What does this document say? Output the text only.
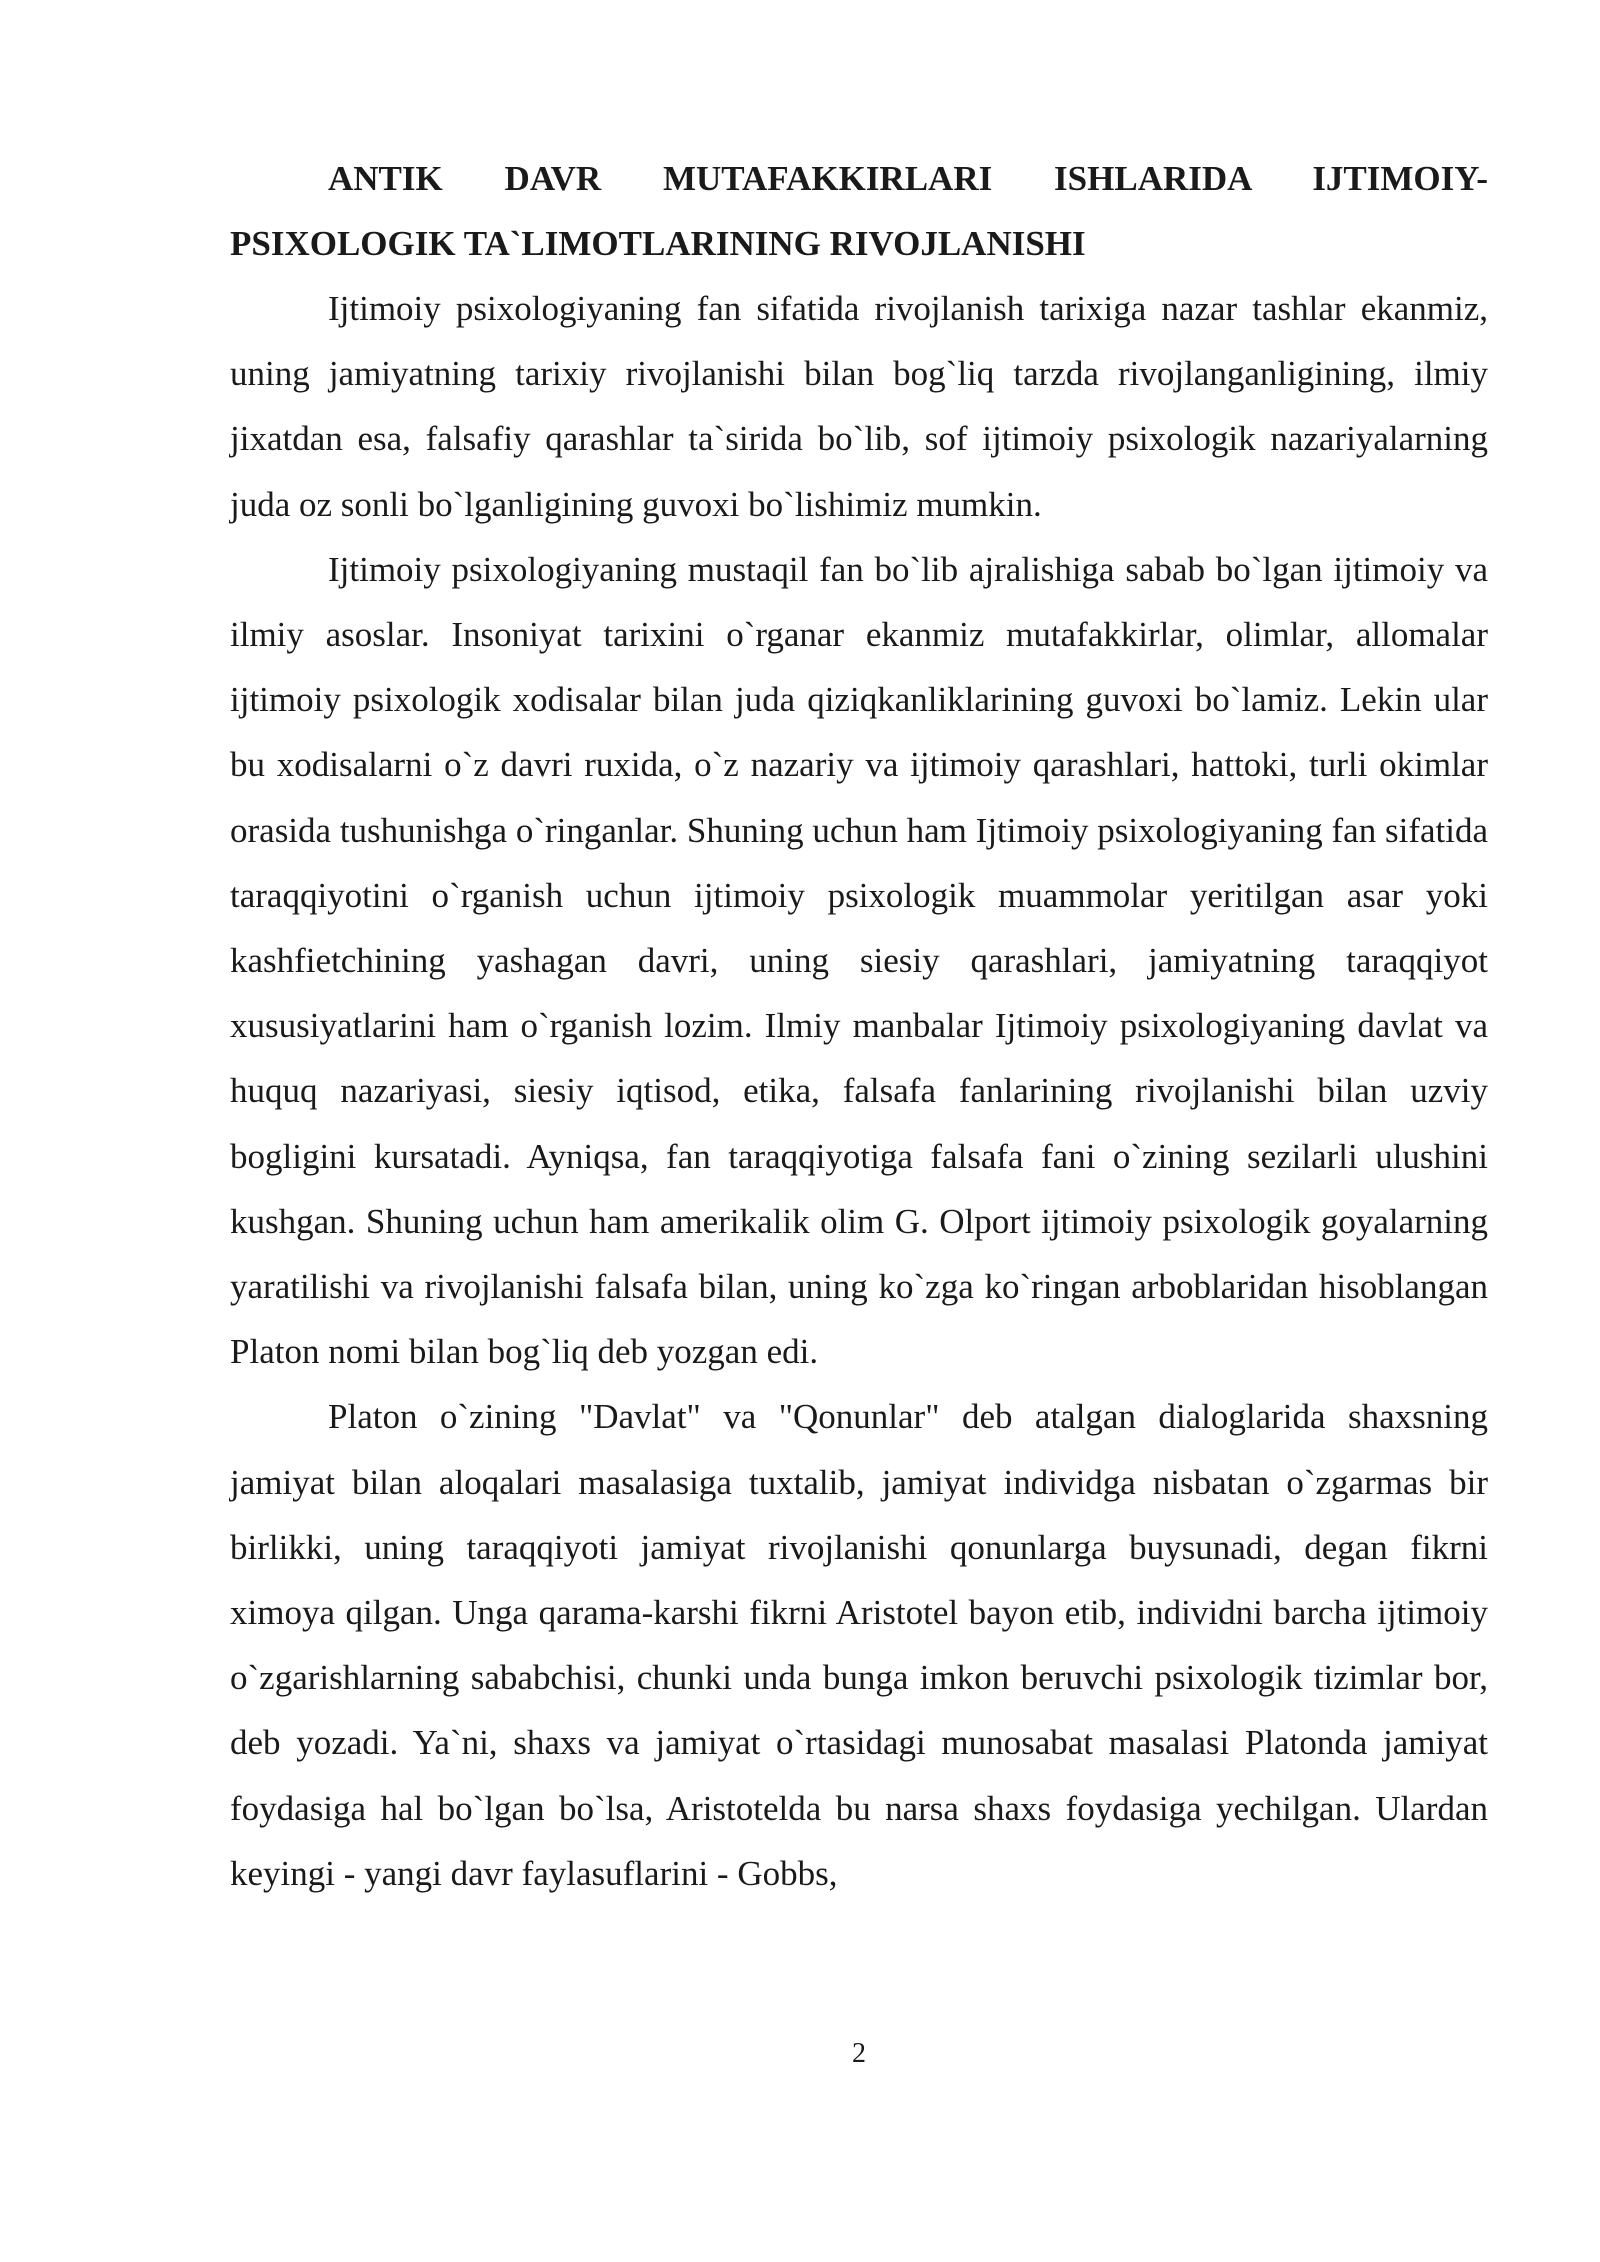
ANTIK DAVR MUTAFAKKIRLARI ISHLARIDA IJTIMOIY-
PSIXOLOGIK TA`LIMOTLARINING RIVOJLANISHI

Ijtimoiy psixologiyaning fan sifatida rivojlanish tarixiga nazar tashlar ekanmiz, uning jamiyatning tarixiy rivojlanishi bilan bog`liq tarzda rivojlanganligining, ilmiy jixatdan esa, falsafiy qarashlar ta`sirida bo`lib, sof ijtimoiy psixologik nazariyalarning juda oz sonli bo`lganligining guvoxi bo`lishimiz mumkin.

Ijtimoiy psixologiyaning mustaqil fan bo`lib ajralishiga sabab bo`lgan ijtimoiy va ilmiy asoslar. Insoniyat tarixini o`rganar ekanmiz mutafakkirlar, olimlar, allomalar ijtimoiy psixologik xodisalar bilan juda qiziqkanliklarining guvoxi bo`lamiz. Lekin ular bu xodisalarni o`z davri ruxida, o`z nazariy va ijtimoiy qarashlari, hattoki, turli okimlar orasida tushunishga o`ringanlar. Shuning uchun ham Ijtimoiy psixologiyaning fan sifatida taraqqiyotini o`rganish uchun ijtimoiy psixologik muammolar yeritilgan asar yoki kashfietchining yashagan davri, uning siesiy qarashlari, jamiyatning taraqqiyot xususiyatlarini ham o`rganish lozim. Ilmiy manbalar Ijtimoiy psixologiyaning davlat va huquq nazariyasi, siesiy iqtisod, etika, falsafa fanlarining rivojlanishi bilan uzviy bogligini kursatadi. Ayniqsa, fan taraqqiyotiga falsafa fani o`zining sezilarli ulushini kushgan. Shuning uchun ham amerikalik olim G. Olport ijtimoiy psixologik goyalarning yaratilishi va rivojlanishi falsafa bilan, uning ko`zga ko`ringan arboblaridan hisoblangan Platon nomi bilan bog`liq deb yozgan edi.

Platon o`zining "Davlat" va "Qonunlar" deb atalgan dialoglarida shaxsning jamiyat bilan aloqalari masalasiga tuxtalib, jamiyat individga nisbatan o`zgarmas bir birlikki, uning taraqqiyoti jamiyat rivojlanishi qonunlarga buysunadi, degan fikrni ximoya qilgan. Unga qarama-karshi fikrni Aristotel bayon etib, individni barcha ijtimoiy o`zgarishlarning sababchisi, chunki unda bunga imkon beruvchi psixologik tizimlar bor, deb yozadi. Ya`ni, shaxs va jamiyat o`rtasidagi munosabat masalasi Platonda jamiyat foydasiga hal bo`lgan bo`lsa, Aristotelda bu narsa shaxs foydasiga yechilgan. Ulardan keyingi - yangi davr faylasuflarini - Gobbs,

2
